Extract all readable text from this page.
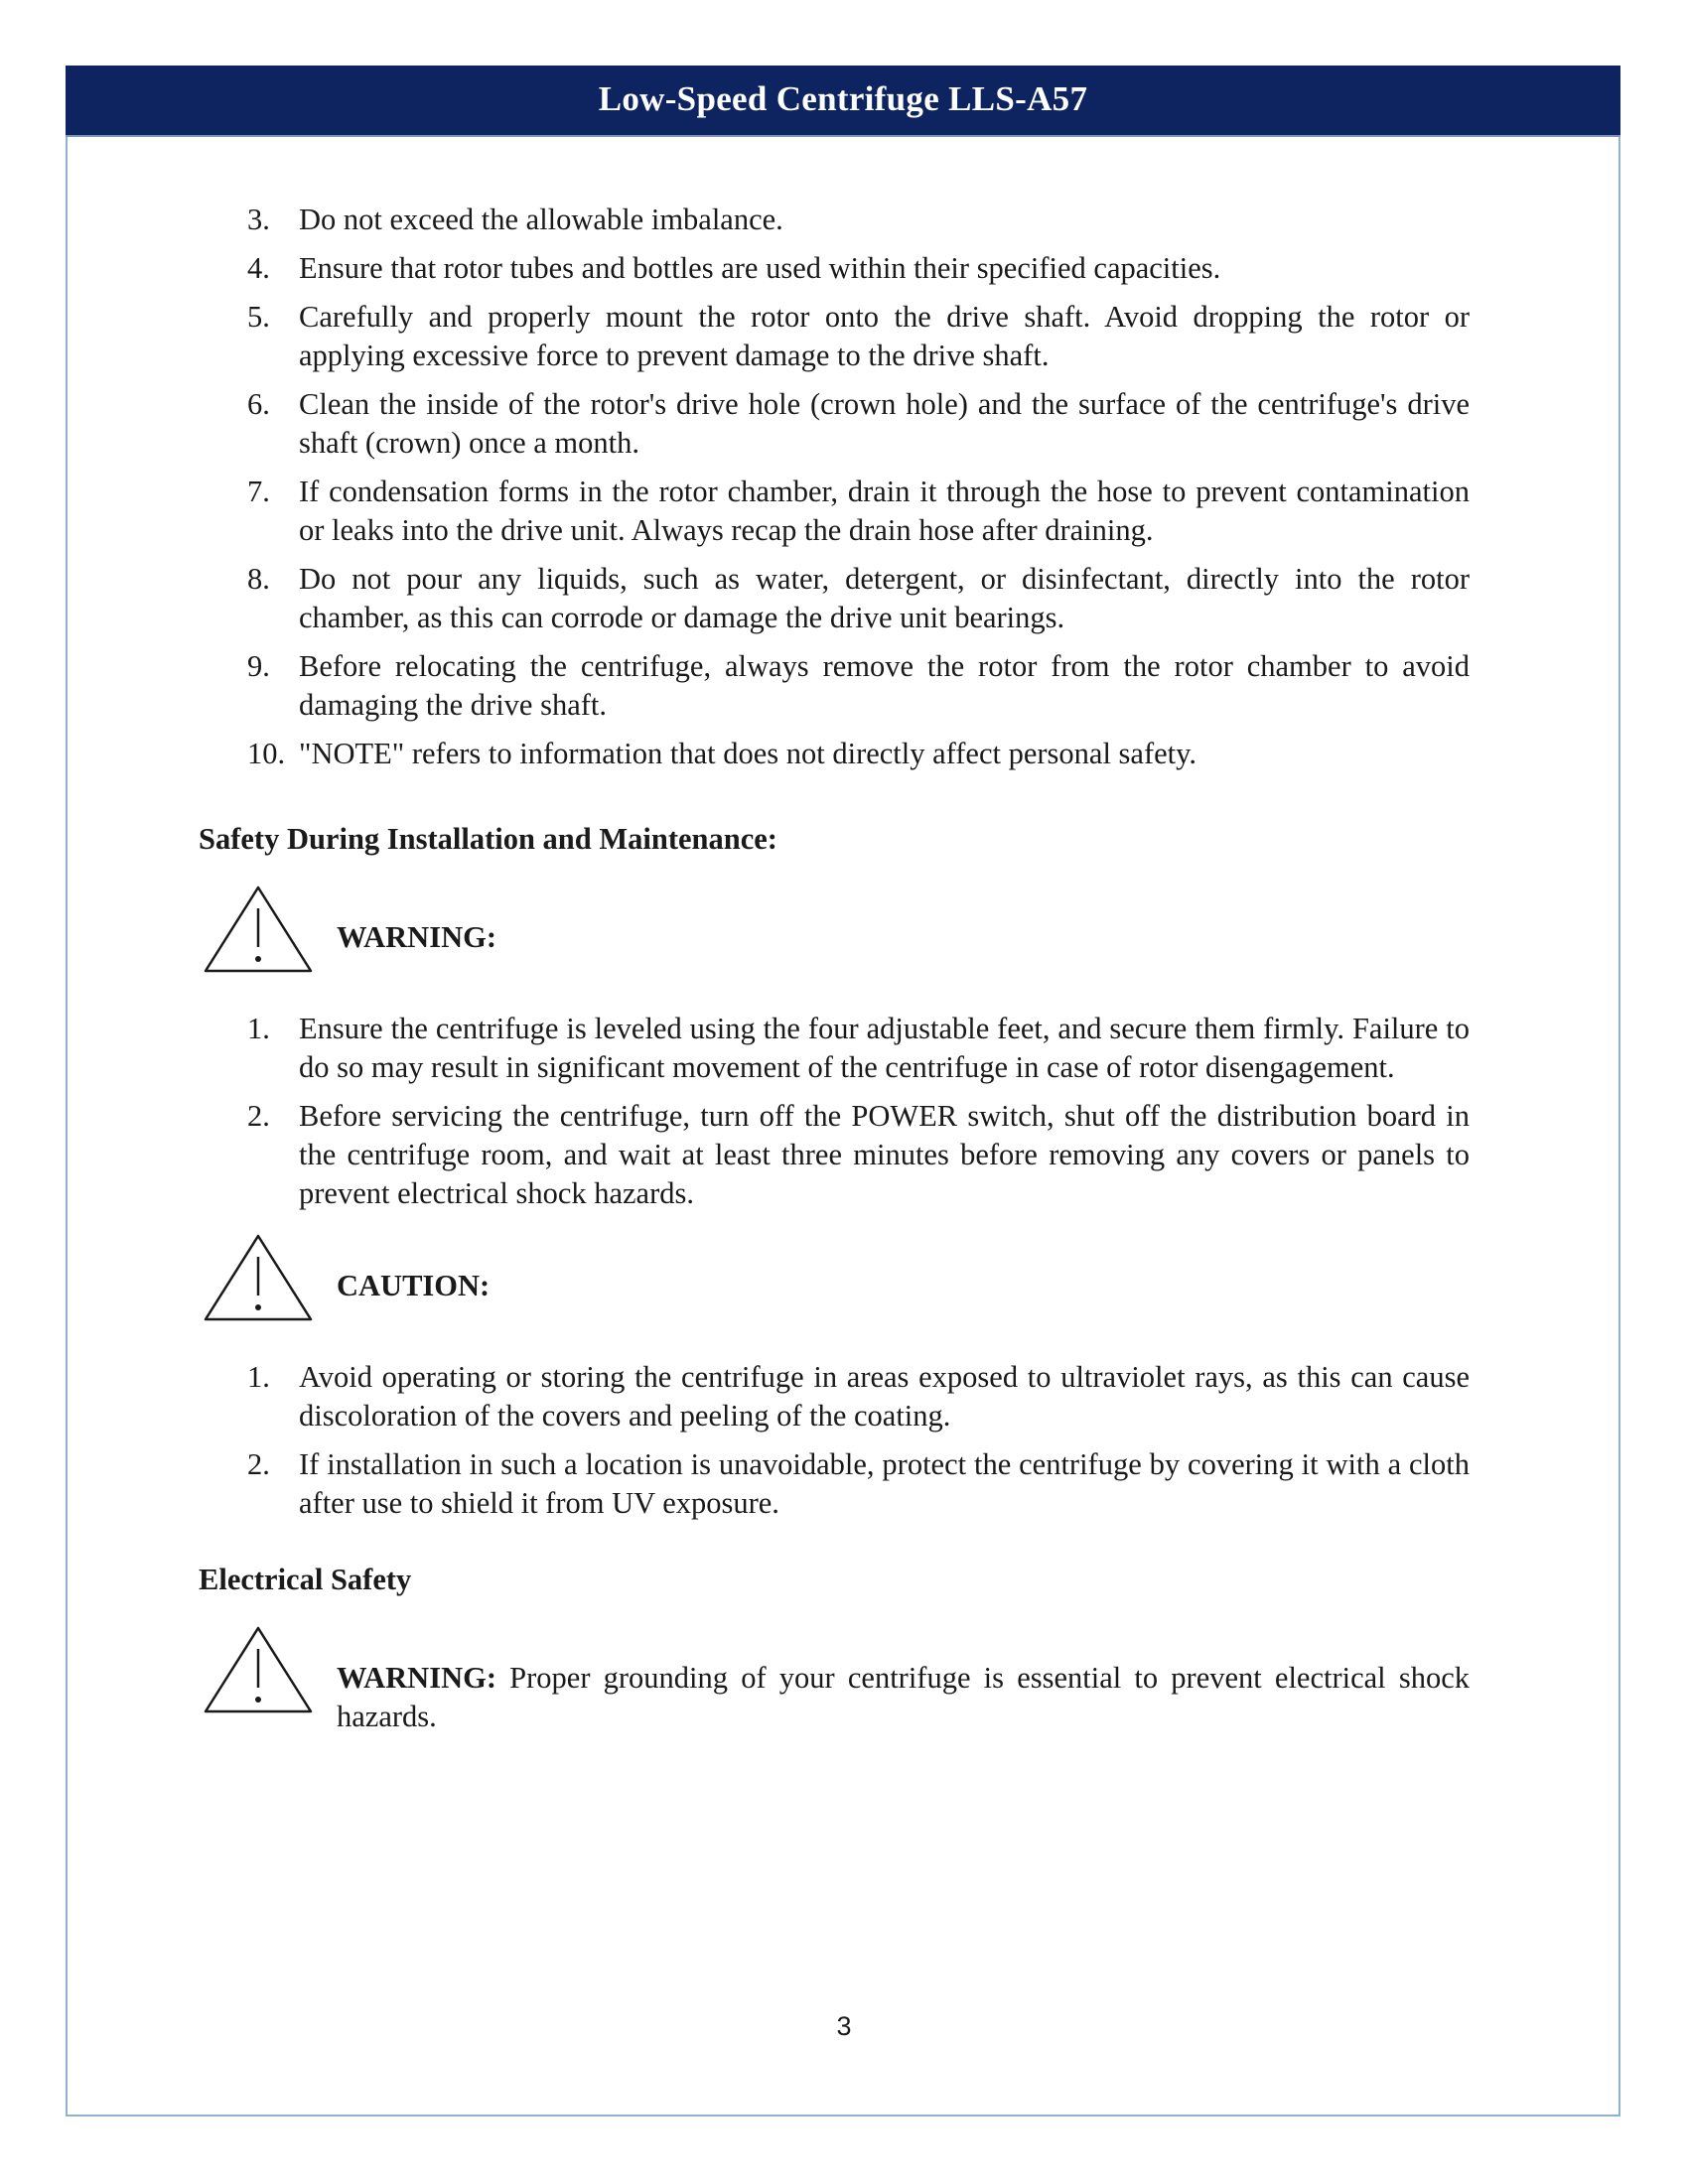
Low-Speed Centrifuge LLS-A57
3. Do not exceed the allowable imbalance.
4. Ensure that rotor tubes and bottles are used within their specified capacities.
5. Carefully and properly mount the rotor onto the drive shaft. Avoid dropping the rotor or applying excessive force to prevent damage to the drive shaft.
6. Clean the inside of the rotor's drive hole (crown hole) and the surface of the centrifuge's drive shaft (crown) once a month.
7. If condensation forms in the rotor chamber, drain it through the hose to prevent contamination or leaks into the drive unit. Always recap the drain hose after draining.
8. Do not pour any liquids, such as water, detergent, or disinfectant, directly into the rotor chamber, as this can corrode or damage the drive unit bearings.
9. Before relocating the centrifuge, always remove the rotor from the rotor chamber to avoid damaging the drive shaft.
10. "NOTE" refers to information that does not directly affect personal safety.
Safety During Installation and Maintenance:
WARNING:
1. Ensure the centrifuge is leveled using the four adjustable feet, and secure them firmly. Failure to do so may result in significant movement of the centrifuge in case of rotor disengagement.
2. Before servicing the centrifuge, turn off the POWER switch, shut off the distribution board in the centrifuge room, and wait at least three minutes before removing any covers or panels to prevent electrical shock hazards.
CAUTION:
1. Avoid operating or storing the centrifuge in areas exposed to ultraviolet rays, as this can cause discoloration of the covers and peeling of the coating.
2. If installation in such a location is unavoidable, protect the centrifuge by covering it with a cloth after use to shield it from UV exposure.
Electrical Safety
WARNING: Proper grounding of your centrifuge is essential to prevent electrical shock hazards.
3
